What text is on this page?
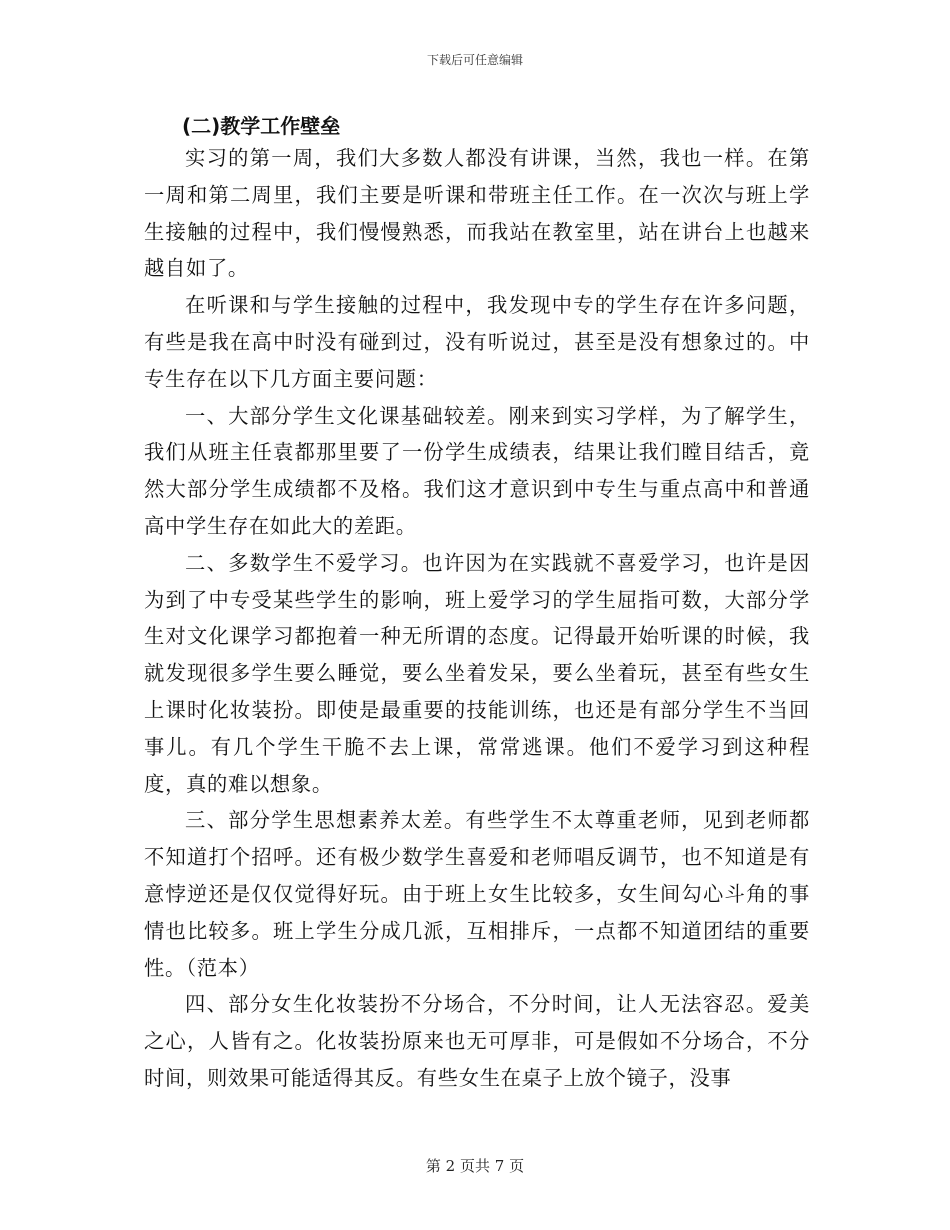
下载后可任意编辑
(二)教学工作壁垒

实习的第一周，我们大多数人都没有讲课，当然，我也一样。在第一周和第二周里，我们主要是听课和带班主任工作。在一次次与班上学生接触的过程中，我们慢慢熟悉，而我站在教室里，站在讲台上也越来越自如了。

在听课和与学生接触的过程中，我发现中专的学生存在许多问题，有些是我在高中时没有碰到过，没有听说过，甚至是没有想象过的。中专生存在以下几方面主要问题：

一、大部分学生文化课基础较差。刚来到实习学样，为了解学生，我们从班主任袁都那里要了一份学生成绩表，结果让我们瞠目结舌，竟然大部分学生成绩都不及格。我们这才意识到中专生与重点高中和普通高中学生存在如此大的差距。

二、多数学生不爱学习。也许因为在实践就不喜爱学习，也许是因为到了中专受某些学生的影响，班上爱学习的学生屈指可数，大部分学生对文化课学习都抱着一种无所谓的态度。记得最开始听课的时候，我就发现很多学生要么睡觉，要么坐着发呆，要么坐着玩，甚至有些女生上课时化妆装扮。即使是最重要的技能训练，也还是有部分学生不当回事儿。有几个学生干脆不去上课，常常逃课。他们不爱学习到这种程度，真的难以想象。

三、部分学生思想素养太差。有些学生不太尊重老师，见到老师都不知道打个招呼。还有极少数学生喜爱和老师唱反调节，也不知道是有意悖逆还是仅仅觉得好玩。由于班上女生比较多，女生间勾心斗角的事情也比较多。班上学生分成几派，互相排斥，一点都不知道团结的重要性。（范本）

四、部分女生化妆装扮不分场合，不分时间，让人无法容忍。爱美之心，人皆有之。化妆装扮原来也无可厚非，可是假如不分场合，不分时间，则效果可能适得其反。有些女生在桌子上放个镜子，没事

第 2 页共 7 页
